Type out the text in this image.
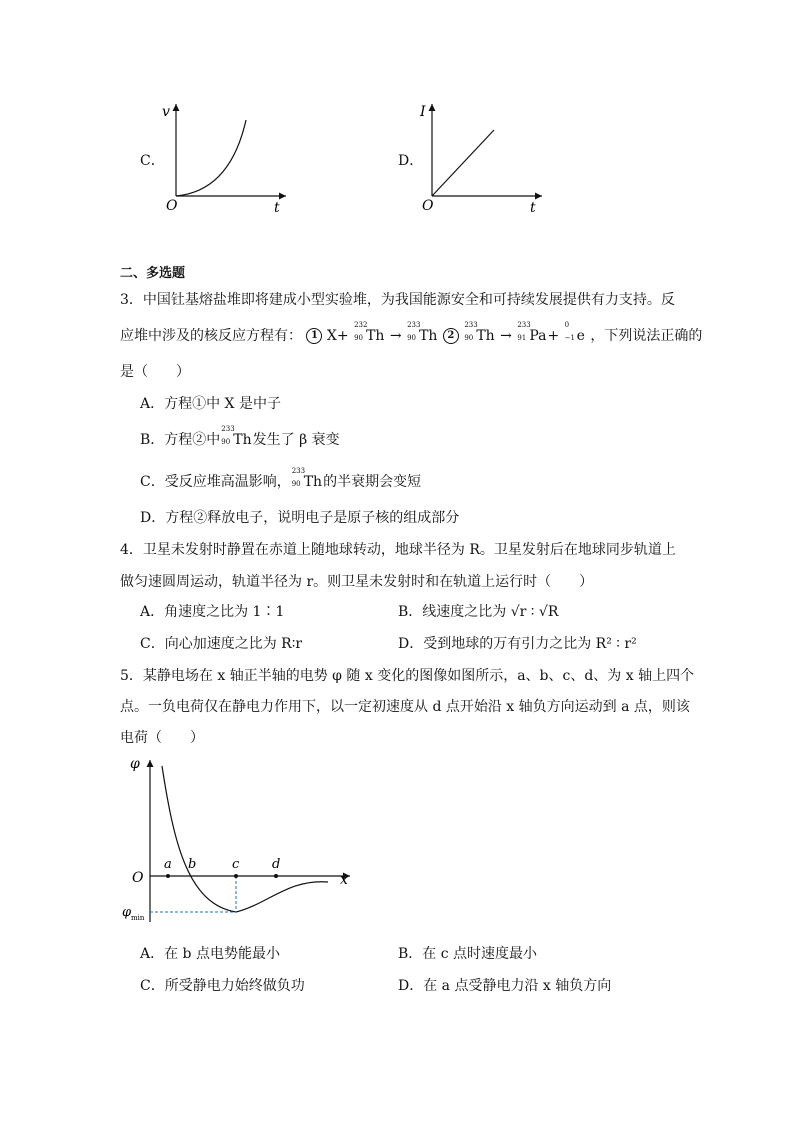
C．
v
t
O
D．
I
t
O
二、多选题
3．中国钍基熔盐堆即将建成小型实验堆，为我国能源安全和可持续发展提供有力支持。反
应堆中涉及的核反应方程有： 1 X+
232
90 Th →
233
90 Th 2
233
90 Th →
233
91 Pa+
0
−1 e ，下列说法正确的
是（　　）
A．方程①中 X 是中子
B．方程②中
233
90 Th发生了 β 衰变
C．受反应堆高温影响，
233
90 Th的半衰期会变短
D．方程②释放电子，说明电子是原子核的组成部分
4．卫星未发射时静置在赤道上随地球转动，地球半径为 R。卫星发射后在地球同步轨道上
做匀速圆周运动，轨道半径为 r。则卫星未发射时和在轨道上运行时（　　）
A．角速度之比为 1∶1	B．线速度之比为 √r ∶ √R
C．向心加速度之比为 R∶r	D．受到地球的万有引力之比为 R² ∶ r²
5．某静电场在 x 轴正半轴的电势 φ 随 x 变化的图像如图所示，a、b、c、d、为 x 轴上四个
点。一负电荷仅在静电力作用下，以一定初速度从 d 点开始沿 x 轴负方向运动到 a 点，则该
电荷（　　）
φ
x
O
a b	c	d
φ min
A．在 b 点电势能最小	B．在 c 点时速度最小
C．所受静电力始终做负功	D．在 a 点受静电力沿 x 轴负方向
